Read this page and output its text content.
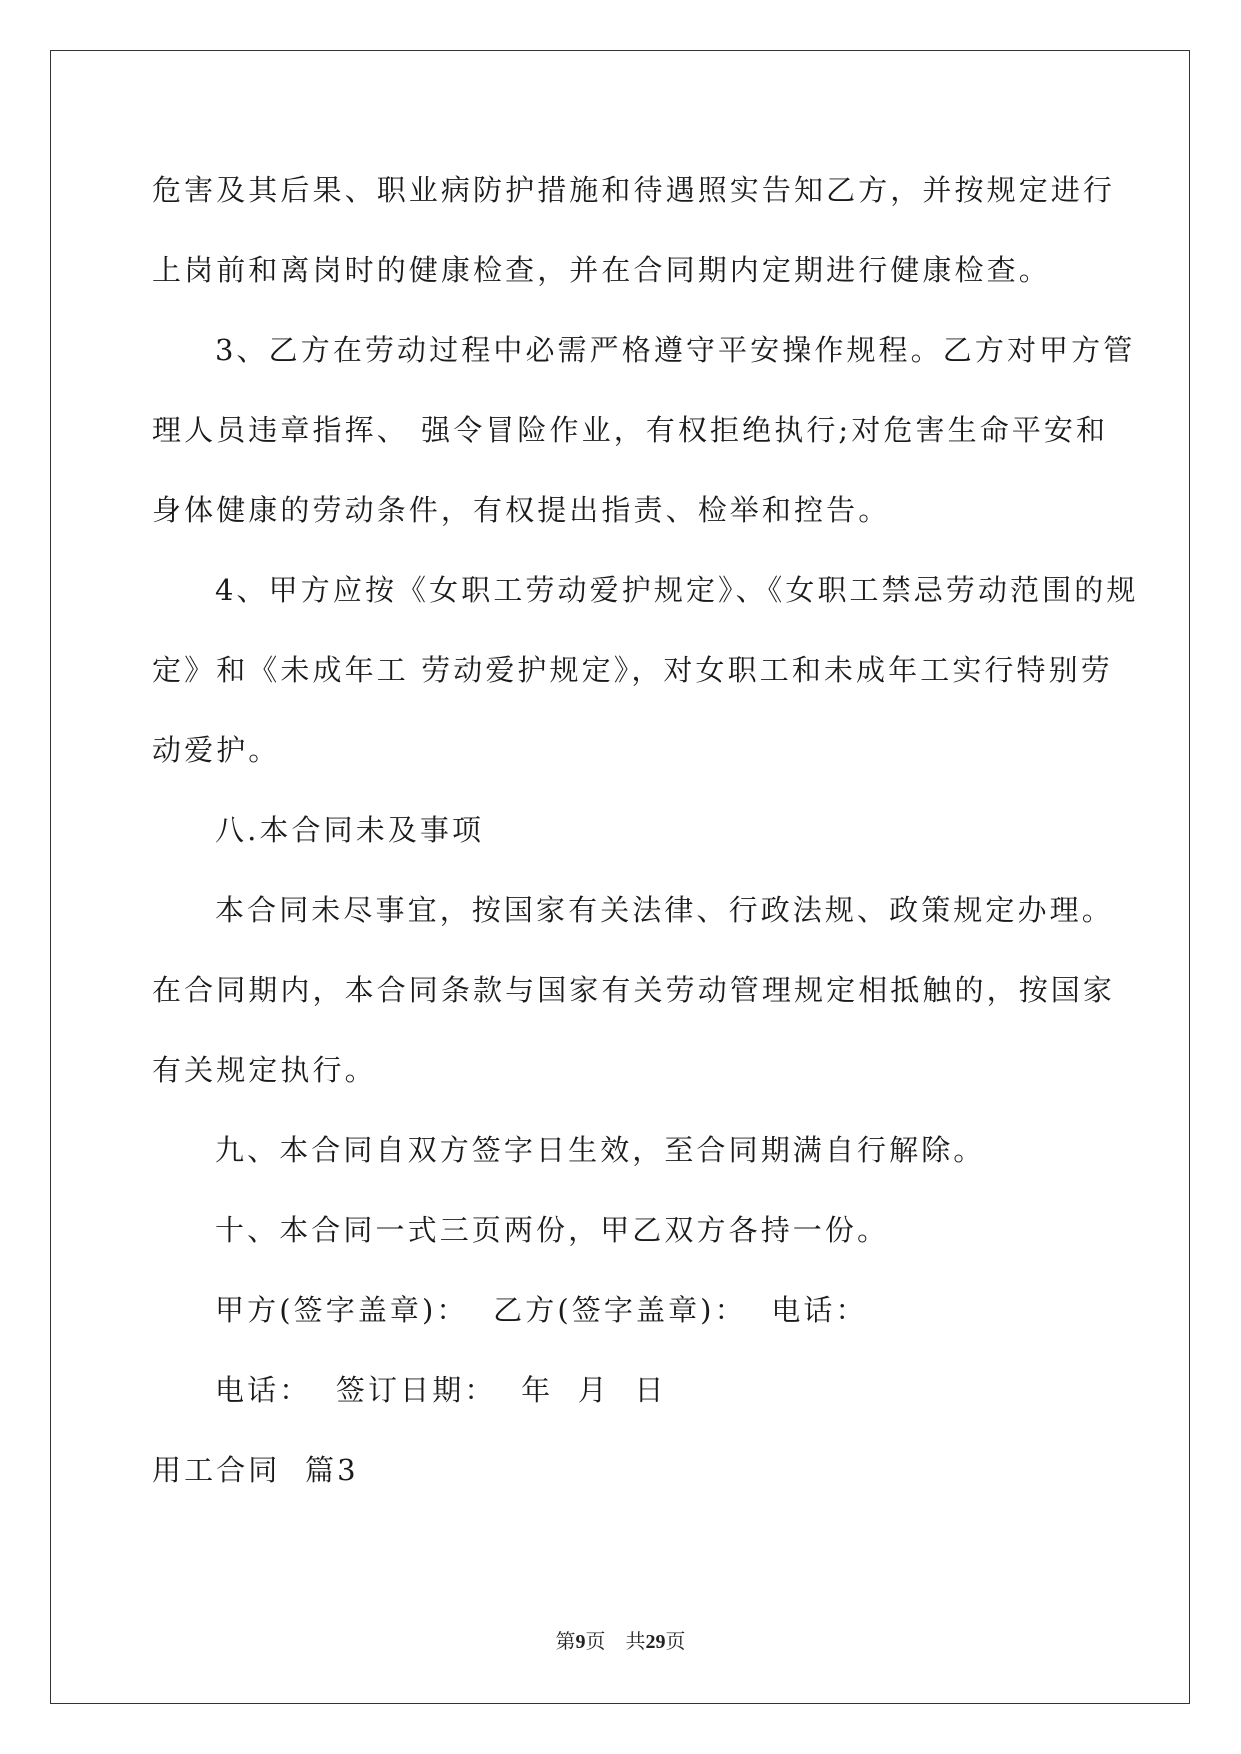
危害及其后果、职业病防护措施和待遇照实告知乙方，并按规定进行
上岗前和离岗时的健康检查，并在合同期内定期进行健康检查。
3、乙方在劳动过程中必需严格遵守平安操作规程。乙方对甲方管
理人员违章指挥、 强令冒险作业，有权拒绝执行;对危害生命平安和
身体健康的劳动条件，有权提出指责、检举和控告。
4、甲方应按《女职工劳动爱护规定》、《女职工禁忌劳动范围的规
定》和《未成年工 劳动爱护规定》，对女职工和未成年工实行特别劳
动爱护。
八.本合同未及事项
本合同未尽事宜，按国家有关法律、行政法规、政策规定办理。
在合同期内，本合同条款与国家有关劳动管理规定相抵触的，按国家
有关规定执行。
九、本合同自双方签字日生效，至合同期满自行解除。
十、本合同一式三页两份，甲乙双方各持一份。
甲方(签字盖章)：  乙方(签字盖章)：  电话：
电话：  签订日期：  年  月  日
用工合同  篇3
第9页 共29页
